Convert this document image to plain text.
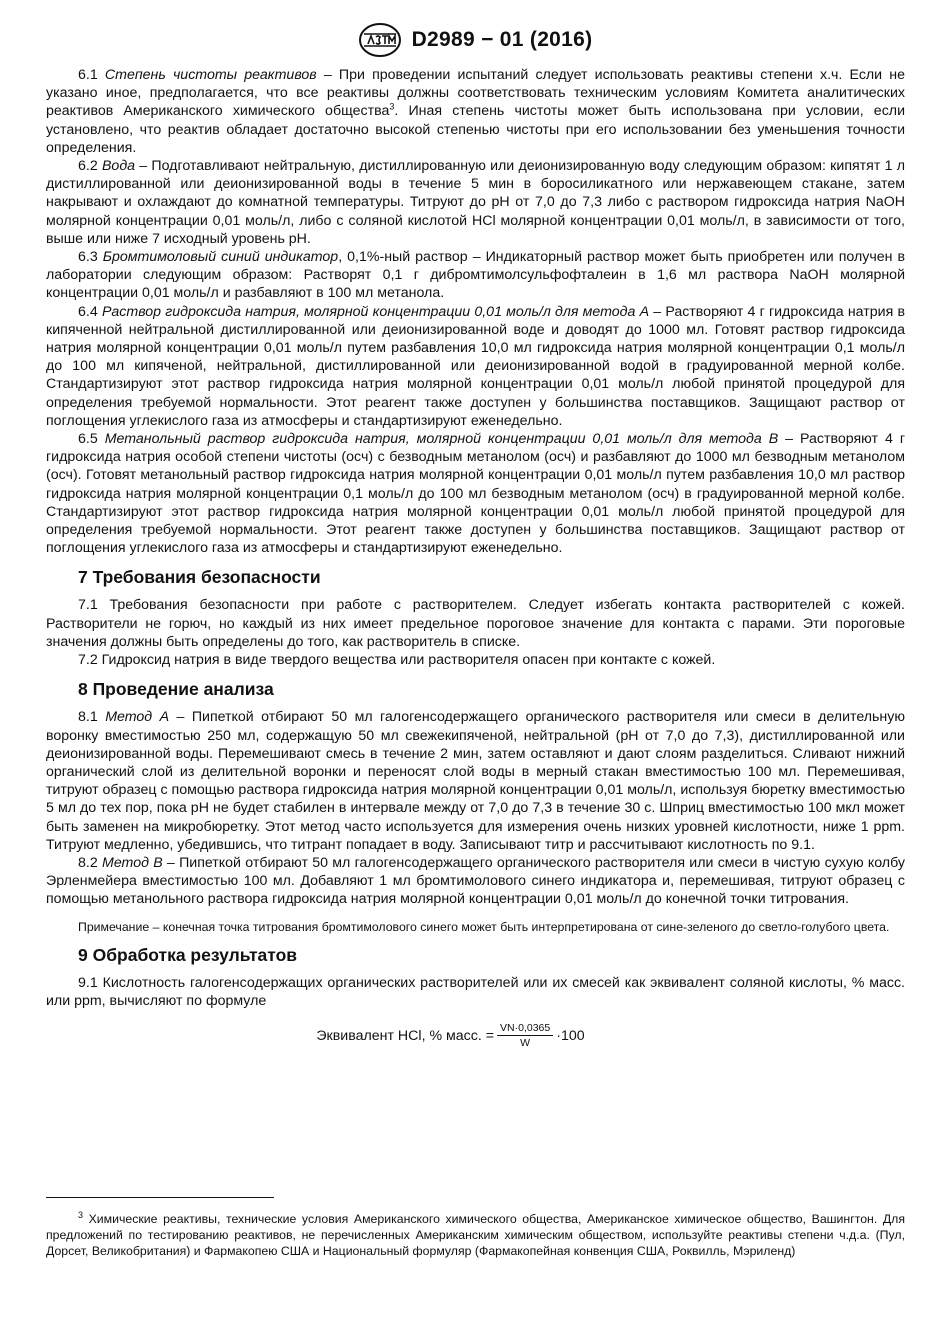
D2989 − 01 (2016)

6.1 Степень чистоты реактивов – При проведении испытаний следует использовать реактивы степени х.ч. Если не указано иное, предполагается, что все реактивы должны соответствовать техническим условиям Комитета аналитических реактивов Американского химического общества$^3$. Иная степень чистоты может быть использована при условии, если установлено, что реактив обладает достаточно высокой степенью чистоты при его использовании без уменьшения точности определения.

6.2 Вода – Подготавливают нейтральную, дистиллированную или деионизированную воду следующим образом: кипятят 1 л дистиллированной или деионизированной воды в течение 5 мин в боросиликатного или нержавеющем стакане, затем накрывают и охлаждают до комнатной температуры. Титруют до pH от 7,0 до 7,3 либо с раствором гидроксида натрия NaOH молярной концентрации 0,01 моль/л, либо с соляной кислотой HCl молярной концентрации 0,01 моль/л, в зависимости от того, выше или ниже 7 исходный уровень pH.

6.3 Бромтимоловый синий индикатор, 0,1%-ный раствор – Индикаторный раствор может быть приобретен или получен в лаборатории следующим образом: Растворят 0,1 г дибромтимолсульфофталеин в 1,6 мл раствора NaOH молярной концентрации 0,01 моль/л и разбавляют в 100 мл метанола.

6.4 Раствор гидроксида натрия, молярной концентрации 0,01 моль/л для метода A – Растворяют 4 г гидроксида натрия в кипяченной нейтральной дистиллированной или деионизированной воде и доводят до 1000 мл. Готовят раствор гидроксида натрия молярной концентрации 0,01 моль/л путем разбавления 10,0 мл гидроксида натрия молярной концентрации 0,1 моль/л до 100 мл кипяченой, нейтральной, дистиллированной или деионизированной водой в градуированной мерной колбе. Стандартизируют этот раствор гидроксида натрия молярной концентрации 0,01 моль/л любой принятой процедурой для определения требуемой нормальности. Этот реагент также доступен у большинства поставщиков. Защищают раствор от поглощения углекислого газа из атмосферы и стандартизируют еженедельно.

6.5 Метанольный раствор гидроксида натрия, молярной концентрации 0,01 моль/л для метода B – Растворяют 4 г гидроксида натрия особой степени чистоты (осч) с безводным метанолом (осч) и разбавляют до 1000 мл безводным метанолом (осч). Готовят метанольный раствор гидроксида натрия молярной концентрации 0,01 моль/л путем разбавления 10,0 мл раствор гидроксида натрия молярной концентрации 0,1 моль/л до 100 мл безводным метанолом (осч) в градуированной мерной колбе. Стандартизируют этот раствор гидроксида натрия молярной концентрации 0,01 моль/л любой принятой процедурой для определения требуемой нормальности. Этот реагент также доступен у большинства поставщиков. Защищают раствор от поглощения углекислого газа из атмосферы и стандартизируют еженедельно.

7 Требования безопасности

7.1 Требования безопасности при работе с растворителем. Следует избегать контакта растворителей с кожей. Растворители не горюч, но каждый из них имеет предельное пороговое значение для контакта с парами. Эти пороговые значения должны быть определены до того, как растворитель в списке.

7.2 Гидроксид натрия в виде твердого вещества или растворителя опасен при контакте с кожей.

8 Проведение анализа

8.1 Метод A – Пипеткой отбирают 50 мл галогенсодержащего органического растворителя или смеси в делительную воронку вместимостью 250 мл, содержащую 50 мл свежекипяченой, нейтральной (pH от 7,0 до 7,3), дистиллированной или деионизированной воды. Перемешивают смесь в течение 2 мин, затем оставляют и дают слоям разделиться. Сливают нижний органический слой из делительной воронки и переносят слой воды в мерный стакан вместимостью 100 мл. Перемешивая, титруют образец с помощью раствора гидроксида натрия молярной концентрации 0,01 моль/л, используя бюретку вместимостью 5 мл до тех пор, пока pH не будет стабилен в интервале между от 7,0 до 7,3 в течение 30 с. Шприц вместимостью 100 мкл может быть заменен на микробюретку. Этот метод часто используется для измерения очень низких уровней кислотности, ниже 1 ppm. Титруют медленно, убедившись, что титрант попадает в воду. Записывают титр и рассчитывают кислотность по 9.1.

8.2 Метод B – Пипеткой отбирают 50 мл галогенсодержащего органического растворителя или смеси в чистую сухую колбу Эрленмейера вместимостью 100 мл. Добавляют 1 мл бромтимолового синего индикатора и, перемешивая, титруют образец с помощью метанольного раствора гидроксида натрия молярной концентрации 0,01 моль/л до конечной точки титрования.

Примечание – конечная точка титрования бромтимолового синего может быть интерпретирована от сине-зеленого до светло-голубого цвета.

9 Обработка результатов

9.1 Кислотность галогенсодержащих органических растворителей или их смесей как эквивалент соляной кислоты, % масс. или ppm, вычисляют по формуле

Эквивалент HCl, % масс. = $\frac{VN\cdot 0,0365}{W} \cdot 100$

$^3$ Химические реактивы, технические условия Американского химического общества, Американское химическое общество, Вашингтон. Для предложений по тестированию реактивов, не перечисленных Американским химическим обществом, используйте реактивы степени ч.д.а. (Пул, Дорсет, Великобритания) и Фармакопею США и Национальный формуляр (Фармакопейная конвенция США, Роквилль, Мэриленд)
